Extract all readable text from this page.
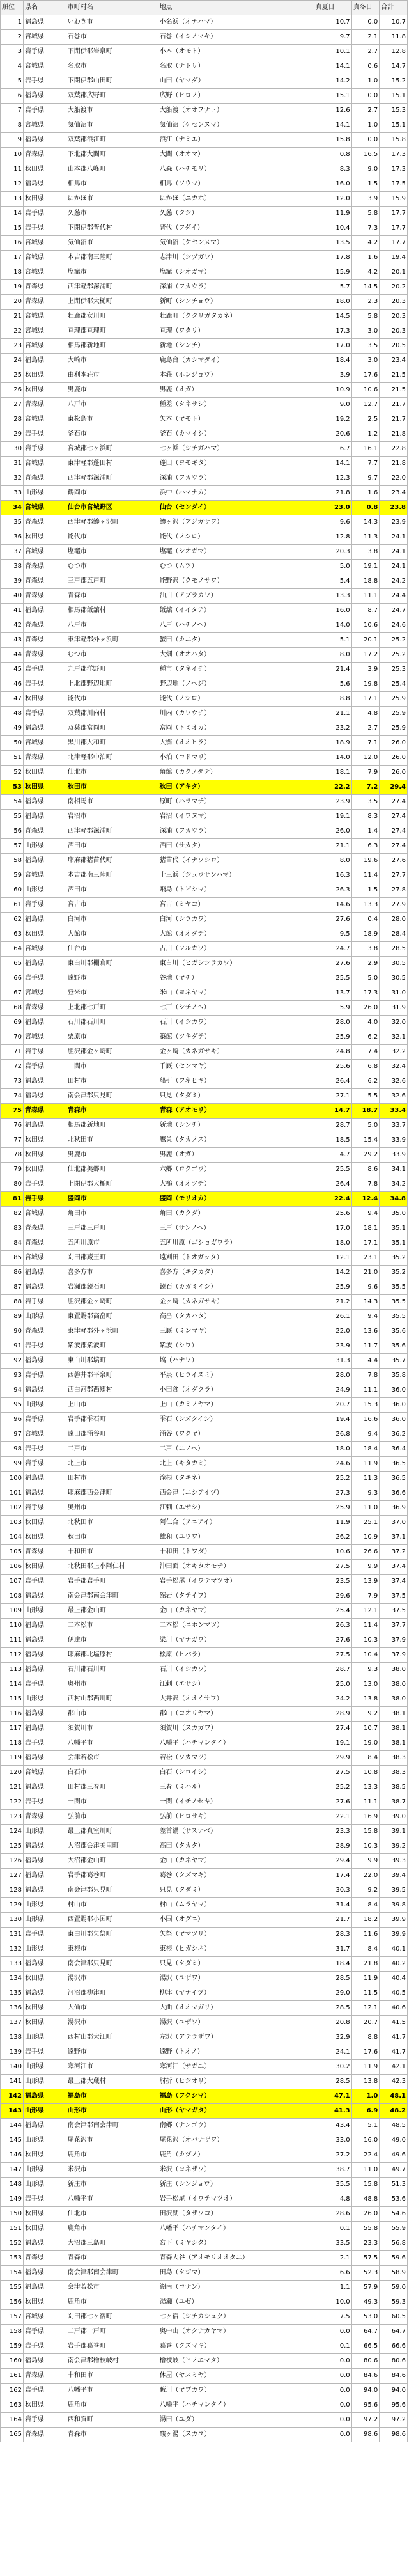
順位	県名	市町村名	地点	真夏日	真冬日	合計
1	福島県	いわき市	小名浜（オナハマ）	10.7	0.0	10.7
2	宮城県	石巻市	石巻（イシノマキ）	9.7	2.1	11.8
3	岩手県	下閉伊郡岩泉町	小本（オモト）	10.1	2.7	12.8
4	宮城県	名取市	名取（ナトリ）	14.1	0.6	14.7
5	岩手県	下閉伊郡山田町	山田（ヤマダ）	14.2	1.0	15.2
6	福島県	双葉郡広野町	広野（ヒロノ）	15.1	0.0	15.1
7	岩手県	大船渡市	大船渡（オオフナト）	12.6	2.7	15.3
8	宮城県	気仙沼市	気仙沼（ケセンヌマ）	14.1	1.0	15.1
9	福島県	双葉郡浪江町	浪江（ナミエ）	15.8	0.0	15.8
10	青森県	下北郡大間町	大間（オオマ）	0.8	16.5	17.3
11	秋田県	山本郡八峰町	八森（ハチモリ）	8.3	9.0	17.3
12	福島県	相馬市	相馬（ソウマ）	16.0	1.5	17.5
13	秋田県	にかほ市	にかほ（ニカホ）	12.0	3.9	15.9
14	岩手県	久慈市	久慈（クジ）	11.9	5.8	17.7
15	岩手県	下閉伊郡普代村	普代（フダイ）	10.4	7.3	17.7
16	宮城県	気仙沼市	気仙沼（ケセンヌマ）	13.5	4.2	17.7
17	宮城県	本吉郡南三陸町	志津川（シヅガワ）	17.8	1.6	19.4
18	宮城県	塩竈市	塩竈（シオガマ）	15.9	4.2	20.1
19	青森県	西津軽郡深浦町	深浦（フカウラ）	5.7	14.5	20.2
20	青森県	上閉伊郡大槌町	新町（シンチョウ）	18.0	2.3	20.3
21	宮城県	牡鹿郡女川町	牡鹿町（ククリガタカネ）	14.5	5.8	20.3
22	宮城県	亘理郡亘理町	亘理（ワタリ）	17.3	3.0	20.3
23	宮城県	相馬郡新地町	新地（シンチ）	17.0	3.5	20.5
24	福島県	大崎市	鹿島台（カシマダイ）	18.4	3.0	23.4
25	秋田県	由利本荘市	本荘（ホンジョウ）	3.9	17.6	21.5
26	秋田県	男鹿市	男鹿（オガ）	10.9	10.6	21.5
27	青森県	八戸市	種差（タネサシ）	9.0	12.7	21.7
28	宮城県	東松島市	矢本（ヤモト）	19.2	2.5	21.7
29	岩手県	釜石市	釜石（カマイシ）	20.6	1.2	21.8
30	岩手県	宮城郡七ヶ浜町	七ヶ浜（シチガハマ）	6.7	16.1	22.8
31	宮城県	東津軽郡蓬田村	蓬田（ヨモギタ）	14.1	7.7	21.8
32	青森県	西津軽郡深浦町	深浦（フカウラ）	12.3	9.7	22.0
33	山形県	鶴岡市	浜中（ハマナカ）	21.8	1.6	23.4
34	宮城県	仙台市宮城野区	仙台（センダイ）	23.0	0.8	23.8
35	青森県	西津軽郡鰺ヶ沢町	鰺ヶ沢（アジガサワ）	9.6	14.3	23.9
36	秋田県	能代市	能代（ノシロ）	12.8	11.3	24.1
37	宮城県	塩竈市	塩竈（シオガマ）	20.3	3.8	24.1
38	青森県	むつ市	むつ（ムツ）	5.0	19.1	24.1
39	青森県	三戸郡五戸町	能野沢（クモノサワ）	5.4	18.8	24.2
40	青森県	青森市	油川（アブラカワ）	13.3	11.1	24.4
41	福島県	相馬郡飯舘村	飯舘（イイタテ）	16.0	8.7	24.7
42	青森県	八戸市	八戸（ハチノヘ）	14.0	10.6	24.6
43	青森県	東津軽郡外ヶ浜町	蟹田（カニタ）	5.1	20.1	25.2
44	青森県	むつ市	大畑（オオハタ）	8.0	17.2	25.2
45	岩手県	九戸郡洋野町	種市（タネイチ）	21.4	3.9	25.3
46	岩手県	上北郡野辺地町	野辺地（ノヘジ）	5.6	19.8	25.4
47	秋田県	能代市	能代（ノシロ）	8.8	17.1	25.9
48	岩手県	双葉郡川内村	川内（カワウチ）	21.1	4.8	25.9
49	福島県	双葉郡富岡町	富岡（トミオカ）	23.2	2.7	25.9
50	宮城県	黒川郡大和町	大衡（オオヒラ）	18.9	7.1	26.0
51	青森県	北津軽郡中泊町	小泊（コドマリ）	14.0	12.0	26.0
52	秋田県	仙北市	角館（カクノダテ）	18.1	7.9	26.0
53	秋田県	秋田市	秋田（アキタ）	22.2	7.2	29.4
54	福島県	南相馬市	原町（ハラマチ）	23.9	3.5	27.4
55	福島県	岩沼市	岩沼（イワヌマ）	19.1	8.3	27.4
56	青森県	西津軽郡深浦町	深浦（フカウラ）	26.0	1.4	27.4
57	山形県	酒田市	酒田（サカタ）	21.1	6.3	27.4
58	福島県	耶麻郡猪苗代町	猪苗代（イナワシロ）	8.0	19.6	27.6
59	宮城県	本吉郡南三陸町	十三浜（ジュウサンハマ）	16.3	11.4	27.7
60	山形県	酒田市	飛島（トビシマ）	26.3	1.5	27.8
61	岩手県	宮古市	宮古（ミヤコ）	14.6	13.3	27.9
62	福島県	白河市	白河（シラカワ）	27.6	0.4	28.0
63	秋田県	大館市	大館（オオダテ）	9.5	18.9	28.4
64	宮城県	仙台市	古川（フルカワ）	24.7	3.8	28.5
65	福島県	東白川郡棚倉町	東白川（ヒガシシラカワ）	27.6	2.9	30.5
66	岩手県	遠野市	谷地（ヤチ）	25.5	5.0	30.5
67	宮城県	登米市	米山（ヨネヤマ）	13.7	17.3	31.0
68	青森県	上北郡七戸町	七戸（シチノヘ）	5.9	26.0	31.9
69	福島県	石川郡石川町	石川（イシカワ）	28.0	4.0	32.0
70	宮城県	栗原市	築館（ツキダテ）	25.9	6.2	32.1
71	岩手県	胆沢郡金ヶ崎町	金ヶ崎（カネガサキ）	24.8	7.4	32.2
72	岩手県	一関市	千厩（センマヤ）	25.6	6.8	32.4
73	福島県	田村市	船引（フネヒキ）	26.4	6.2	32.6
74	福島県	南会津郡只見町	只見（タダミ）	27.1	5.5	32.6
75	青森県	青森市	青森（アオモリ）	14.7	18.7	33.4
76	福島県	相馬郡新地町	新地（シンチ）	28.7	5.0	33.7
77	秋田県	北秋田市	鷹巣（タカノス）	18.5	15.4	33.9
78	秋田県	男鹿市	男鹿（オガ）	4.7	29.2	33.9
79	秋田県	仙北郡美郷町	六郷（ロクゴウ）	25.5	8.6	34.1
80	岩手県	上閉伊郡大槌町	大槌（オオツチ）	26.4	7.8	34.2
81	岩手県	盛岡市	盛岡（モリオカ）	22.4	12.4	34.8
82	宮城県	角田市	角田（カクダ）	25.6	9.4	35.0
83	青森県	三戸郡三戸町	三戸（サンノヘ）	17.0	18.1	35.1
84	青森県	五所川原市	五所川原（ゴショガワラ）	18.0	17.1	35.1
85	宮城県	刈田郡蔵王町	遠刈田（トオガッタ）	12.1	23.1	35.2
86	福島県	喜多方市	喜多方（キタカタ）	14.2	21.0	35.2
87	福島県	岩瀬郡鏡石町	鏡石（カガミイシ）	25.9	9.6	35.5
88	岩手県	胆沢郡金ヶ崎町	金ヶ崎（カネガサキ）	21.2	14.3	35.5
89	山形県	東置賜郡高畠町	高畠（タカハタ）	26.1	9.4	35.5
90	青森県	東津軽郡外ヶ浜町	三厩（ミンマヤ）	22.0	13.6	35.6
91	岩手県	紫波郡紫波町	紫波（シワ）	23.9	11.7	35.6
92	福島県	東白川郡塙町	塙（ハナワ）	31.3	4.4	35.7
93	岩手県	西磐井郡平泉町	平泉（ヒライズミ）	28.0	7.8	35.8
94	福島県	西白河郡西郷村	小田倉（オダクラ）	24.9	11.1	36.0
95	山形県	上山市	上山（カミノヤマ）	20.7	15.3	36.0
96	岩手県	岩手郡雫石町	雫石（シズクイシ）	19.4	16.6	36.0
97	宮城県	遠田郡涌谷町	涌谷（ワクヤ）	26.8	9.4	36.2
98	岩手県	二戸市	二戸（ニノヘ）	18.0	18.4	36.4
99	岩手県	北上市	北上（キタカミ）	24.6	11.9	36.5
100	福島県	田村市	滝根（タキネ）	25.2	11.3	36.5
101	福島県	耶麻郡西会津町	西会津（ニシアイヅ）	27.3	9.3	36.6
102	岩手県	奥州市	江刺（エサシ）	25.9	11.0	36.9
103	秋田県	北秋田市	阿仁合（アニアイ）	11.9	25.1	37.0
104	秋田県	秋田市	雄和（ユウワ）	26.2	10.9	37.1
105	青森県	十和田市	十和田（トワダ）	10.6	26.6	37.2
106	秋田県	北秋田郡上小阿仁村	沖田面（オキタオモテ）	27.5	9.9	37.4
107	岩手県	岩手郡岩手町	岩手松尾（イワテマツオ）	23.5	13.9	37.4
108	福島県	南会津郡南会津町	舘岩（タテイワ）	29.6	7.9	37.5
109	山形県	最上郡金山町	金山（カネヤマ）	25.4	12.1	37.5
110	福島県	二本松市	二本松（ニホンマツ）	26.3	11.4	37.7
111	福島県	伊達市	梁川（ヤナガワ）	27.6	10.3	37.9
112	福島県	耶麻郡北塩原村	桧原（ヒバラ）	27.5	10.4	37.9
113	福島県	石川郡石川町	石川（イシカワ）	28.7	9.3	38.0
114	岩手県	奥州市	江刺（エサシ）	25.0	13.0	38.0
115	山形県	西村山郡西川町	大井沢（オオイサワ）	24.2	13.8	38.0
116	福島県	郡山市	郡山（コオリヤマ）	28.9	9.2	38.1
117	福島県	須賀川市	須賀川（スカガワ）	27.4	10.7	38.1
118	岩手県	八幡平市	八幡平（ハチマンタイ）	19.1	19.0	38.1
119	福島県	会津若松市	若松（ワカマツ）	29.9	8.4	38.3
120	宮城県	白石市	白石（シロイシ）	27.5	10.8	38.3
121	福島県	田村郡三春町	三春（ミハル）	25.2	13.3	38.5
122	岩手県	一関市	一関（イチノセキ）	27.6	11.1	38.7
123	青森県	弘前市	弘前（ヒロサキ）	22.1	16.9	39.0
124	山形県	最上郡真室川町	差首鍋（サスナベ）	23.3	15.8	39.1
125	福島県	大沼郡会津美里町	高田（タカタ）	28.9	10.3	39.2
126	福島県	大沼郡金山町	金山（カネヤマ）	29.4	9.9	39.3
127	福島県	岩手郡葛巻町	葛巻（クズマキ）	17.4	22.0	39.4
128	福島県	南会津郡只見町	只見（タダミ）	30.3	9.2	39.5
129	山形県	村山市	村山（ムラヤマ）	31.4	8.4	39.8
130	山形県	西置賜郡小国町	小国（オグニ）	21.7	18.2	39.9
131	岩手県	東白川郡矢祭町	矢祭（ヤマツリ）	28.3	11.6	39.9
132	山形県	東根市	東根（ヒガシネ）	31.7	8.4	40.1
133	福島県	南会津郡只見町	只見（タダミ）	18.4	21.8	40.2
134	秋田県	湯沢市	湯沢（ユザワ）	28.5	11.9	40.4
135	福島県	河沼郡柳津町	柳津（ヤナイヅ）	29.0	11.5	40.5
136	秋田県	大仙市	大曲（オオマガリ）	28.5	12.1	40.6
137	秋田県	湯沢市	湯沢（ユザワ）	20.8	20.7	41.5
138	山形県	西村山郡大江町	左沢（アテラザワ）	32.9	8.8	41.7
139	岩手県	遠野市	遠野（トオノ）	24.1	17.6	41.7
140	山形県	寒河江市	寒河江（サガエ）	30.2	11.9	42.1
141	山形県	最上郡大蔵村	肘折（ヒジオリ）	28.5	13.8	42.3
142	福島県	福島市	福島（フクシマ）	47.1	1.0	48.1
143	山形県	山形市	山形（ヤマガタ）	41.3	6.9	48.2
144	福島県	南会津郡南会津町	南郷（ナンゴウ）	43.4	5.1	48.5
145	山形県	尾花沢市	尾花沢（オバナザワ）	33.0	16.0	49.0
146	秋田県	鹿角市	鹿角（カヅノ）	27.2	22.4	49.6
147	山形県	米沢市	米沢（ヨネザワ）	38.7	11.0	49.7
148	山形県	新庄市	新庄（シンジョウ）	35.5	15.8	51.3
149	岩手県	八幡平市	岩手松尾（イワテマツオ）	4.8	48.8	53.6
150	秋田県	仙北市	田沢湖（タザワコ）	28.6	26.0	54.6
151	秋田県	鹿角市	八幡平（ハチマンタイ）	0.1	55.8	55.9
152	福島県	大沼郡三島町	宮下（ミヤシタ）	33.5	23.3	56.8
153	青森県	青森市	青森大谷（アオモリオオタニ）	2.1	57.5	59.6
154	福島県	南会津郡南会津町	田島（タジマ）	6.6	52.3	58.9
155	福島県	会津若松市	湖南（コナン）	1.1	57.9	59.0
156	秋田県	鹿角市	湯瀬（ユゼ）	10.0	49.3	59.3
157	宮城県	刈田郡七ヶ宿町	七ヶ宿（シチカシュク）	7.5	53.0	60.5
158	岩手県	二戸郡一戸町	奥中山（オクナカヤマ）	0.0	64.7	64.7
159	岩手県	岩手郡葛巻町	葛巻（クズマキ）	0.1	66.5	66.6
160	福島県	南会津郡檜枝岐村	檜枝岐（ヒノエマタ）	0.0	80.6	80.6
161	青森県	十和田市	休屋（ヤスミヤ）	0.0	84.6	84.6
162	岩手県	八幡平市	藪川（ヤブカワ）	0.0	94.0	94.0
163	秋田県	鹿角市	八幡平（ハチマンタイ）	0.0	95.6	95.6
164	岩手県	西和賀町	湯田（ユダ）	0.0	97.2	97.2
165	青森県	青森市	酸ヶ湯（スカユ）	0.0	98.6	98.6
